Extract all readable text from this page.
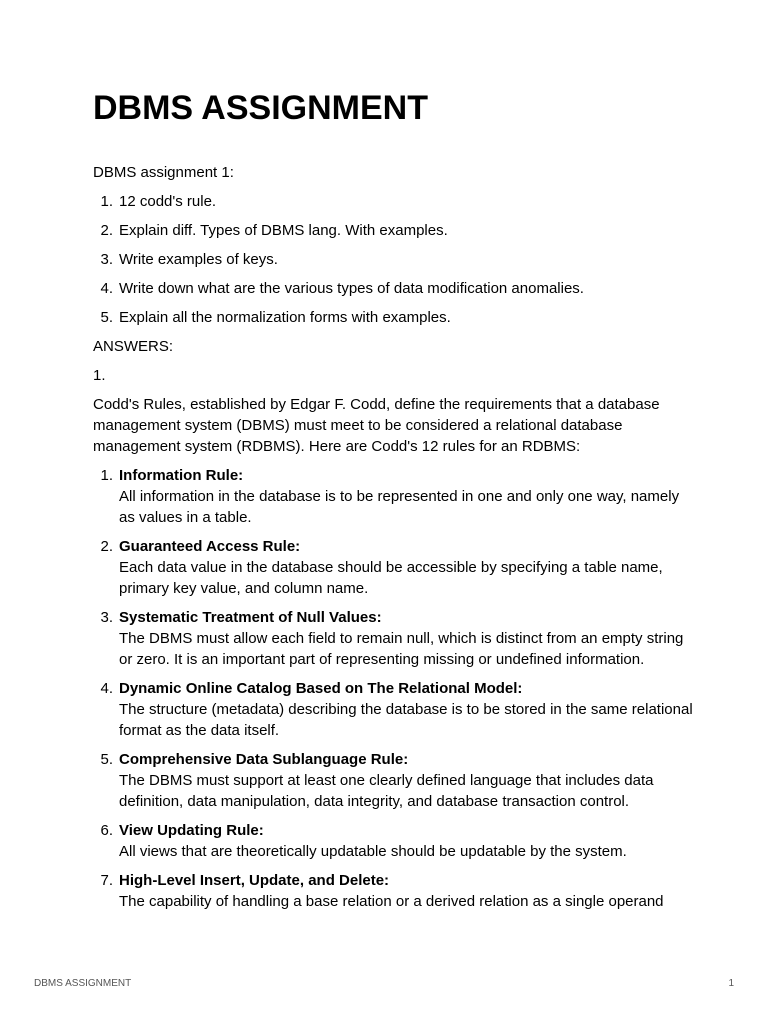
DBMS ASSIGNMENT

DBMS assignment 1:

1. 12 codd's rule.
2. Explain diff. Types of DBMS lang. With examples.
3. Write examples of keys.
4. Write down what are the various types of data modification anomalies.
5. Explain all the normalization forms with examples.

ANSWERS:

1.

Codd's Rules, established by Edgar F. Codd, define the requirements that a database management system (DBMS) must meet to be considered a relational database management system (RDBMS). Here are Codd's 12 rules for an RDBMS:

1. Information Rule:
All information in the database is to be represented in one and only one way, namely as values in a table.
2. Guaranteed Access Rule:
Each data value in the database should be accessible by specifying a table name, primary key value, and column name.
3. Systematic Treatment of Null Values:
The DBMS must allow each field to remain null, which is distinct from an empty string or zero. It is an important part of representing missing or undefined information.
4. Dynamic Online Catalog Based on The Relational Model:
The structure (metadata) describing the database is to be stored in the same relational format as the data itself.
5. Comprehensive Data Sublanguage Rule:
The DBMS must support at least one clearly defined language that includes data definition, data manipulation, data integrity, and database transaction control.
6. View Updating Rule:
All views that are theoretically updatable should be updatable by the system.
7. High-Level Insert, Update, and Delete:
The capability of handling a base relation or a derived relation as a single operand
DBMS ASSIGNMENT	1
